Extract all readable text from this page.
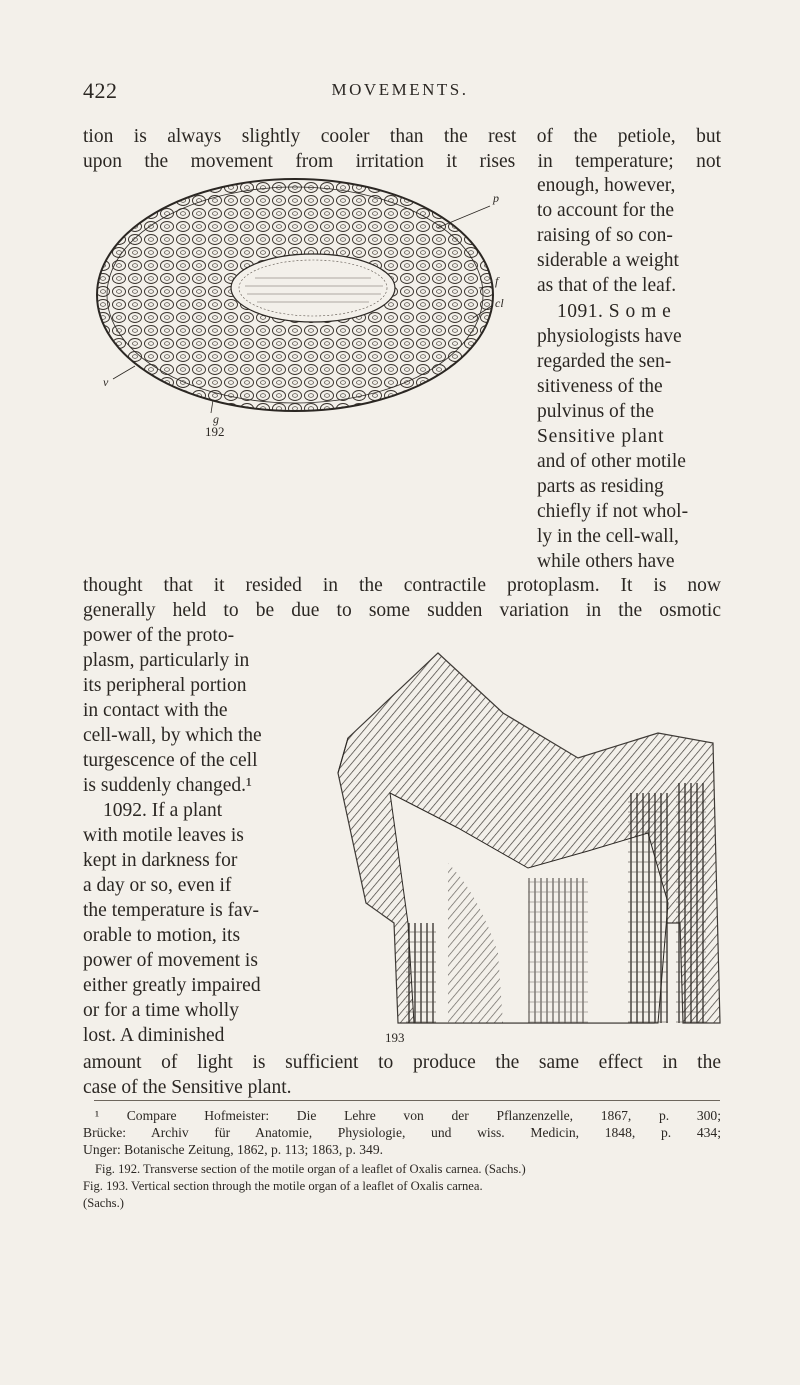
422	MOVEMENTS.
tion is always slightly cooler than the rest of the petiole, but
upon the movement from irritation it rises in temperature; not
enough, however,
to account for the
raising of so con-
siderable a weight
as that of the leaf.
1091. S o m e
physiologists have
regarded the sen-
sitiveness of the
pulvinus of the
Sensitive plant
and of other motile
parts as residing
chiefly if not whol-
ly in the cell-wall,
while others have
p
f
cl
v
g
192
thought that it resided in the contractile protoplasm. It is now
generally held to be due to some sudden variation in the osmotic
power of the proto-
plasm, particularly in
its peripheral portion
in contact with the
cell-wall, by which the
turgescence of the cell
is suddenly changed.¹
1092. If a plant
with motile leaves is
kept in darkness for
a day or so, even if
the temperature is fav-
orable to motion, its
power of movement is
either greatly impaired
or for a time wholly
lost. A diminished	193
amount of light is sufficient to produce the same effect in the
case of the Sensitive plant.
¹ Compare Hofmeister: Die Lehre von der Pflanzenzelle, 1867, p. 300;
Brücke: Archiv für Anatomie, Physiologie, und wiss. Medicin, 1848, p. 434;
Unger: Botanische Zeitung, 1862, p. 113; 1863, p. 349.
Fig. 192. Transverse section of the motile organ of a leaflet of Oxalis carnea. (Sachs.)
Fig. 193. Vertical section through the motile organ of a leaflet of Oxalis carnea.
(Sachs.)
